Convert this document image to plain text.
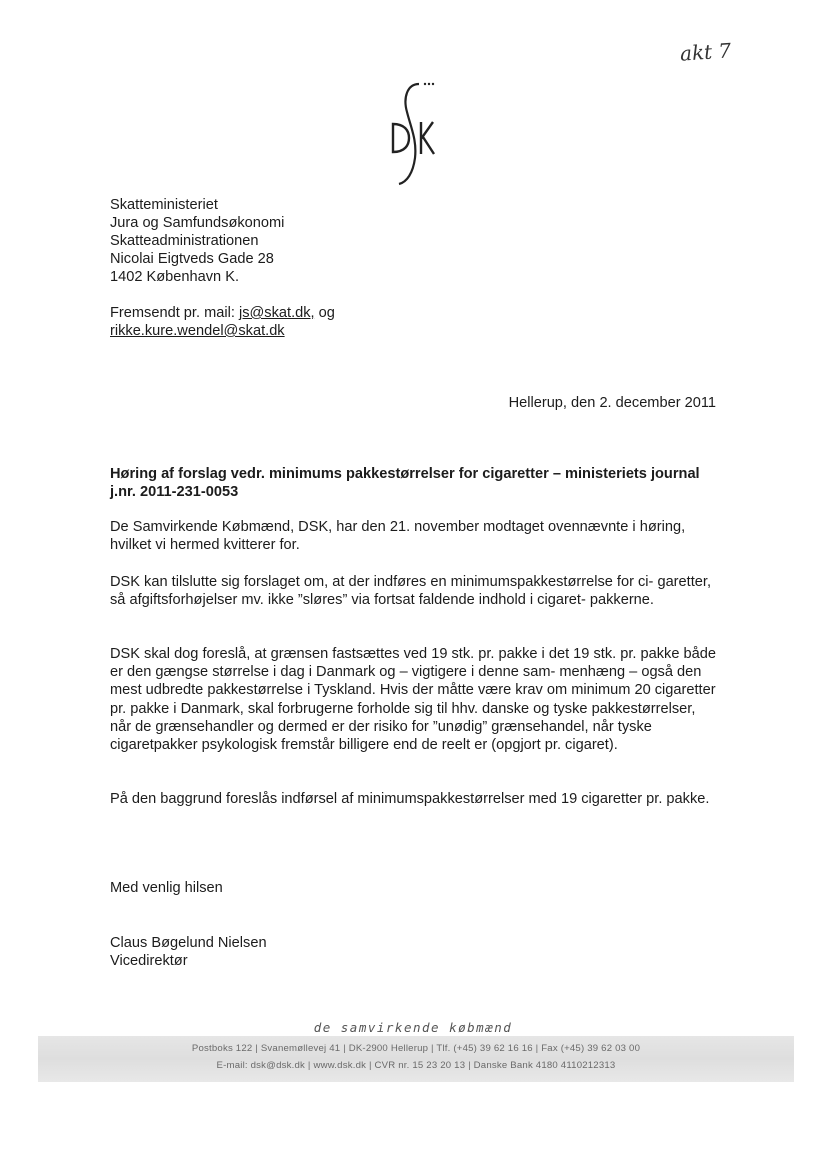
akt 7
Skatteministeriet
Jura og Samfundsøkonomi
Skatteadministrationen
Nicolai Eigtveds Gade 28
1402 København K.
Fremsendt pr. mail: js@skat.dk, og
rikke.kure.wendel@skat.dk
Hellerup, den 2. december 2011
Høring af forslag vedr. minimums pakkestørrelser for cigaretter – ministeriets journal j.nr. 2011-231-0053
De Samvirkende Købmænd, DSK, har den 21. november modtaget ovennævnte i høring, hvilket vi hermed kvitterer for.
DSK kan tilslutte sig forslaget om, at der indføres en minimumspakkestørrelse for ci- garetter, så afgiftsforhøjelser mv. ikke ”sløres” via fortsat faldende indhold i cigaret- pakkerne.
DSK skal dog foreslå, at grænsen fastsættes ved 19 stk. pr. pakke i det 19 stk. pr. pakke både er den gængse størrelse i dag i Danmark og – vigtigere i denne sam- menhæng – også den mest udbredte pakkestørrelse i Tyskland. Hvis der måtte være krav om minimum 20 cigaretter pr. pakke i Danmark, skal forbrugerne forholde sig til hhv. danske og tyske pakkestørrelser, når de grænsehandler og dermed er der risiko for ”unødig” grænsehandel, når tyske cigaretpakker psykologisk fremstår billigere end de reelt er (opgjort pr. cigaret).
På den baggrund foreslås indførsel af minimumspakkestørrelser med 19 cigaretter pr. pakke.
Med venlig hilsen
Claus Bøgelund Nielsen
Vicedirektør
de samvirkende købmænd
Postboks 122 | Svanemøllevej 41 | DK-2900 Hellerup | Tlf. (+45) 39 62 16 16 | Fax (+45) 39 62 03 00
E-mail: dsk@dsk.dk | www.dsk.dk | CVR nr. 15 23 20 13 | Danske Bank 4180 4110212313
